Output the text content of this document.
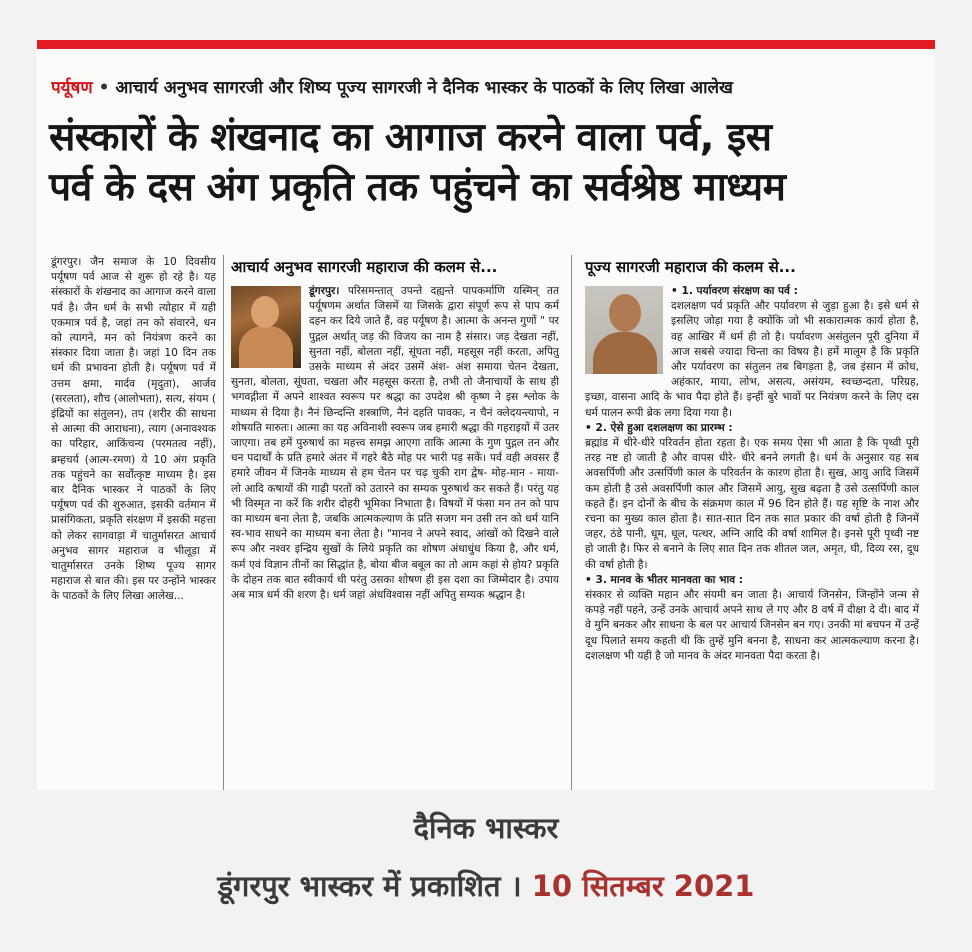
पर्यूषण • आचार्य अनुभव सागरजी और शिष्य पूज्य सागरजी ने दैनिक भास्कर के पाठकों के लिए लिखा आलेख
संस्कारों के शंखनाद का आगाज करने वाला पर्व, इस
पर्व के दस अंग प्रकृति तक पहुंचने का सर्वश्रेष्ठ माध्यम

डूंगरपुर। जैन समाज के 10 दिवसीय पर्यूषण पर्व आज से शुरू हो रहे है। यह संस्कारों के शंखनाद का आगाज करने वाला पर्व है। जैन धर्म के सभी त्योहार में यही एकमात्र पर्व है, जहां तन को संवारने, धन को त्यागने, मन को नियंत्रण करने का संस्कार दिया जाता है। जहां 10 दिन तक धर्म की प्रभावना होती है। पर्यूषण पर्व में उत्तम क्षमा, मार्दव (मृदुता), आर्जव (सरलता), शौच (आलोभता), सत्य, संयम ( इंद्रियों का संतुलन), तप (शरीर की साधना से आत्मा की आराधना), त्याग (अनावश्यक का परिहार, आकिंचन्य (परमतत्व नहीं), ब्रम्हचर्य (आत्म-रमण) ये 10 अंग प्रकृति तक पहुंचने का सर्वोत्कृष्ट माध्यम है। इस बार दैनिक भास्कर ने पाठकों के लिए पर्यूषण पर्व की शुरुआत, इसकी वर्तमान में प्रासंगिकता, प्रकृति संरक्षण में इसकी महत्ता को लेकर सागवाड़ा में चातुर्मासरत आचार्य अनुभव सागर महाराज व भीलूड़ा में चातुर्मासरत उनके शिष्य पूज्य सागर महाराज से बात की। इस पर उन्होंने भास्कर के पाठकों के लिए लिखा आलेख...

आचार्य अनुभव सागरजी महाराज की कलम से...	पूज्य सागरजी महाराज की कलम से...

डूंगरपुर। परिसमन्तात् उपन्ते दह्यन्ते पापकर्माणि यस्मिन् तत पर्यूषणम अर्थात जिसमें या जिसके द्वारा संपूर्ण रूप से पाप कर्म दहन कर दिये जाते हैं, वह पर्यूषण है। आत्मा के अनन्त गुणों " पर पुद्गल अर्थात् जड़ की विजय का नाम है संसार। जड़ देखता नहीं, सुनता नहीं, बोलता नहीं, सूंघता नहीं, महसूस नहीं करता, अपितु उसके माध्यम से अंदर उसमें अंश- अंश समाया चेतन देखता, सुनता, बोलता, सूंघता, चखता और महसूस करता है, तभी तो जैनाचार्यो के साथ ही भगवद्गीता में अपने शाश्वत स्वरूप पर श्रद्धा का उपदेश श्री कृष्ण ने इस श्लोक के माध्यम से दिया है। नैनं छिन्दन्ति शस्त्राणि, नैनं दहति पावकः, न चैनं क्लेदयन्त्यापो, न शोषयति मारुतः। आत्मा का यह अविनाशी स्वरूप जब हमारी श्रद्धा की गहराइयों में उतर जाएगा। तब हमें पुरुषार्थ का महत्त्व समझ आएगा ताकि आत्मा के गुण पुद्गल तन और धन पदार्थों के प्रति हमारे अंतर में गहरे बैठे मोह पर भारी पड़ सकें। पर्व वही अवसर हैं हमारे जीवन में जिनके माध्यम से हम चेतन पर चढ़ चुकी राग द्वेष- मोह-मान - माया- लो आदि कषायों की गाढ़ी परतों को उतारने का सम्यक पुरुषार्थ कर सकते हैं। परंतु यह भी विस्मृत ना करें कि शरीर दोहरी भूमिका निभाता है। विषयों में फंसा मन तन को पाप का माध्यम बना लेता है, जबकि आत्मकल्याण के प्रति सजग मन उसी तन को धर्म यानि स्व-भाव साधने का माध्यम बना लेता है। "मानव ने अपने स्वाद, आंखों को दिखने वाले रूप और नश्वर इन्द्रिय सुखों के लिये प्रकृति का शोषण अंधाधुंध किया है, और धर्म, कर्म एवं विज्ञान तीनों का सिद्धांत है, बोया बीज बबूल का तो आम कहां से होय? प्रकृति के दोहन तक बात स्वीकार्य थी परंतु उसका शोषण ही इस दशा का जिम्मेदार है। उपाय अब मात्र धर्म की शरण है। धर्म जहां अंधविश्वास नहीं अपितु सम्यक श्रद्धान है।

• 1. पर्यावरण संरक्षण का पर्व :
दशलक्षण पर्व प्रकृति और पर्यावरण से जुड़ा हुआ है। इसे धर्म से इसलिए जोड़ा गया है क्योंकि जो भी सकारात्मक कार्य होता है, वह आखिर में धर्म ही तो है। पर्यावरण असंतुलन पूरी दुनिया में आज सबसे ज्यादा चिन्ता का विषय है। हमें मालूम है कि प्रकृति और पर्यावरण का संतुलन तब बिगड़ता है, जब इंसान में क्रोध, अहंकार, माया, लोभ, असत्य, असंयम, स्वच्छन्दता, परिग्रह, इच्छा, वासना आदि के भाव पैदा होते हैं। इन्हीं बुरे भावों पर नियंत्रण करने के लिए दस धर्म पालन रूपी ब्रेक लगा दिया गया है।

• 2. ऐसे हुआ दशलक्षण का प्रारम्भ :
ब्रह्मांड में धीरे-धीरे परिवर्तन होता रहता है। एक समय ऐसा भी आता है कि पृथ्वी पूरी तरह नष्ट हो जाती है और वापस धीरे- धीरे बनने लगती है। धर्म के अनुसार यह सब अवसर्पिणी और उत्सर्पिणी काल के परिवर्तन के कारण होता है। सुख, आयु आदि जिसमें कम होती है उसे अवसर्पिणी काल और जिसमें आयु, सुख बढ़ता है उसे उत्सर्पिणी काल कहते हैं। इन दोनों के बीच के संक्रमण काल में 96 दिन होते हैं। यह सृष्टि के नाश और रचना का मुख्य काल होता है। सात-सात दिन तक सात प्रकार की वर्षा होती है जिनमें जहर, ठंडे पानी, धूम, धूल, पत्थर, अग्नि आदि की वर्षा शामिल है। इनसे पूरी पृथ्वी नष्ट हो जाती है। फिर से बनाने के लिए सात दिन तक शीतल जल, अमृत, घी, दिव्य रस, दूध की वर्षा होती है।

• 3. मानव के भीतर मानवता का भाव :
संस्कार से व्यक्ति महान और संयमी बन जाता है। आचार्य जिनसेन, जिन्होंने जन्म से कपड़े नहीं पहने, उन्हें उनके आचार्य अपने साथ ले गए और 8 वर्ष में दीक्षा दे दी। बाद में वे मुनि बनकर और साधना के बल पर आचार्य जिनसेन बन गए। उनकी मां बचपन में उन्हें दूध पिलाते समय कहती थी कि तुम्हें मुनि बनना है, साधना कर आत्मकल्याण करना है। दशलक्षण भी यही है जो मानव के अंदर मानवता पैदा करता है।

दैनिक भास्कर
डूंगरपुर भास्कर में प्रकाशित । 10 सितम्बर 2021
